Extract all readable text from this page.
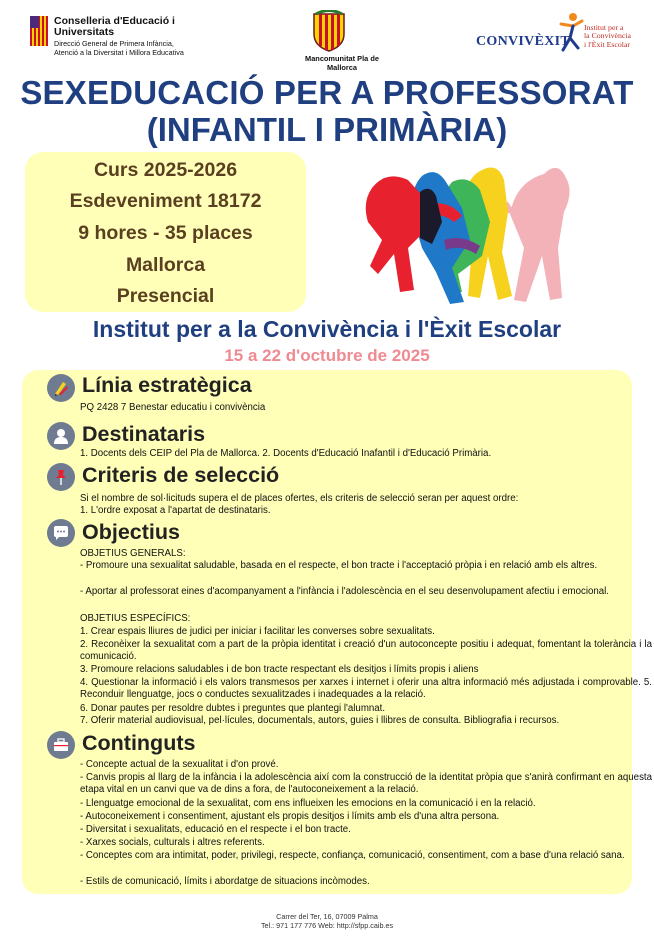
Conselleria d'Educació i Universitats
Direcció General de Primera Infància,
Atenció a la Diversitat i Millora Educativa
Mancomunitat Pla de Mallorca
CONVIVÈXIT
Institut per a
la Convivència
i l'Èxit Escolar
SEXEDUCACIÓ PER A PROFESSORAT
(INFANTIL I PRIMÀRIA)
Curs 2025-2026
Esdeveniment 18172
9 hores - 35 places
Mallorca
Presencial
Institut per a la Convivència i l'Èxit Escolar
15 a 22 d'octubre de 2025
Línia estratègica
PQ 2428 7 Benestar educatiu i convivència
Destinataris
1. Docents dels CEIP del Pla de Mallorca. 2. Docents d'Educació Inafantil i d'Educació Primària.
Criteris de selecció
Si el nombre de sol·licituds supera el de places ofertes, els criteris de selecció seran per aquest ordre:
1. L'ordre exposat a l'apartat de destinataris.
Objectius
OBJETIUS GENERALS:
- Promoure una sexualitat saludable, basada en el respecte, el bon tracte i l'acceptació pròpia i en relació amb els altres.
- Aportar al professorat eines d'acompanyament a l'infància i l'adolescència en el seu desenvolupament afectiu i emocional.
OBJETIUS ESPECÍFICS:
1. Crear espais lliures de judici per iniciar i facilitar les converses sobre sexualitats.
2. Reconèixer la sexualitat com a part de la pròpia identitat i creació d'un autoconcepte positiu i adequat, fomentant la tolerància i la comunicació.
3. Promoure relacions saludables i de bon tracte respectant els desitjos i límits propis i aliens
4. Questionar la informació i els valors transmesos per xarxes i internet i oferir una altra informació més adjustada i comprovable. 5. Reconduir llenguatge, jocs o conductes sexualitzades i inadequades a la relació.
6. Donar pautes per resoldre dubtes i preguntes que plantegi l'alumnat.
7. Oferir material audiovisual, pel·lícules, documentals, autors, guies i llibres de consulta. Bibliografia i recursos.
Continguts
- Concepte actual de la sexualitat i d'on prové.
- Canvis propis al llarg de la infància i la adolescència així com la construcció de la identitat pròpia que s'anirà confirmant en aquesta etapa vital en un canvi que va de dins a fora, de l'autoconeixement a la relació.
- Llenguatge emocional de la sexualitat, com ens influeixen les emocions en la comunicació i en la relació.
- Autoconeixement i consentiment, ajustant els propis desitjos i límits amb els d'una altra persona.
- Diversitat i sexualitats, educació en el respecte i el bon tracte.
- Xarxes socials, culturals i altres referents.
- Conceptes com ara intimitat, poder, privilegi, respecte, confiança, comunicació, consentiment, com a base d'una relació sana.
- Estils de comunicació, límits i abordatge de situacions incòmodes.
Carrer del Ter, 16, 07009 Palma
Tel.: 971 177 776 Web: http://sfpp.caib.es
